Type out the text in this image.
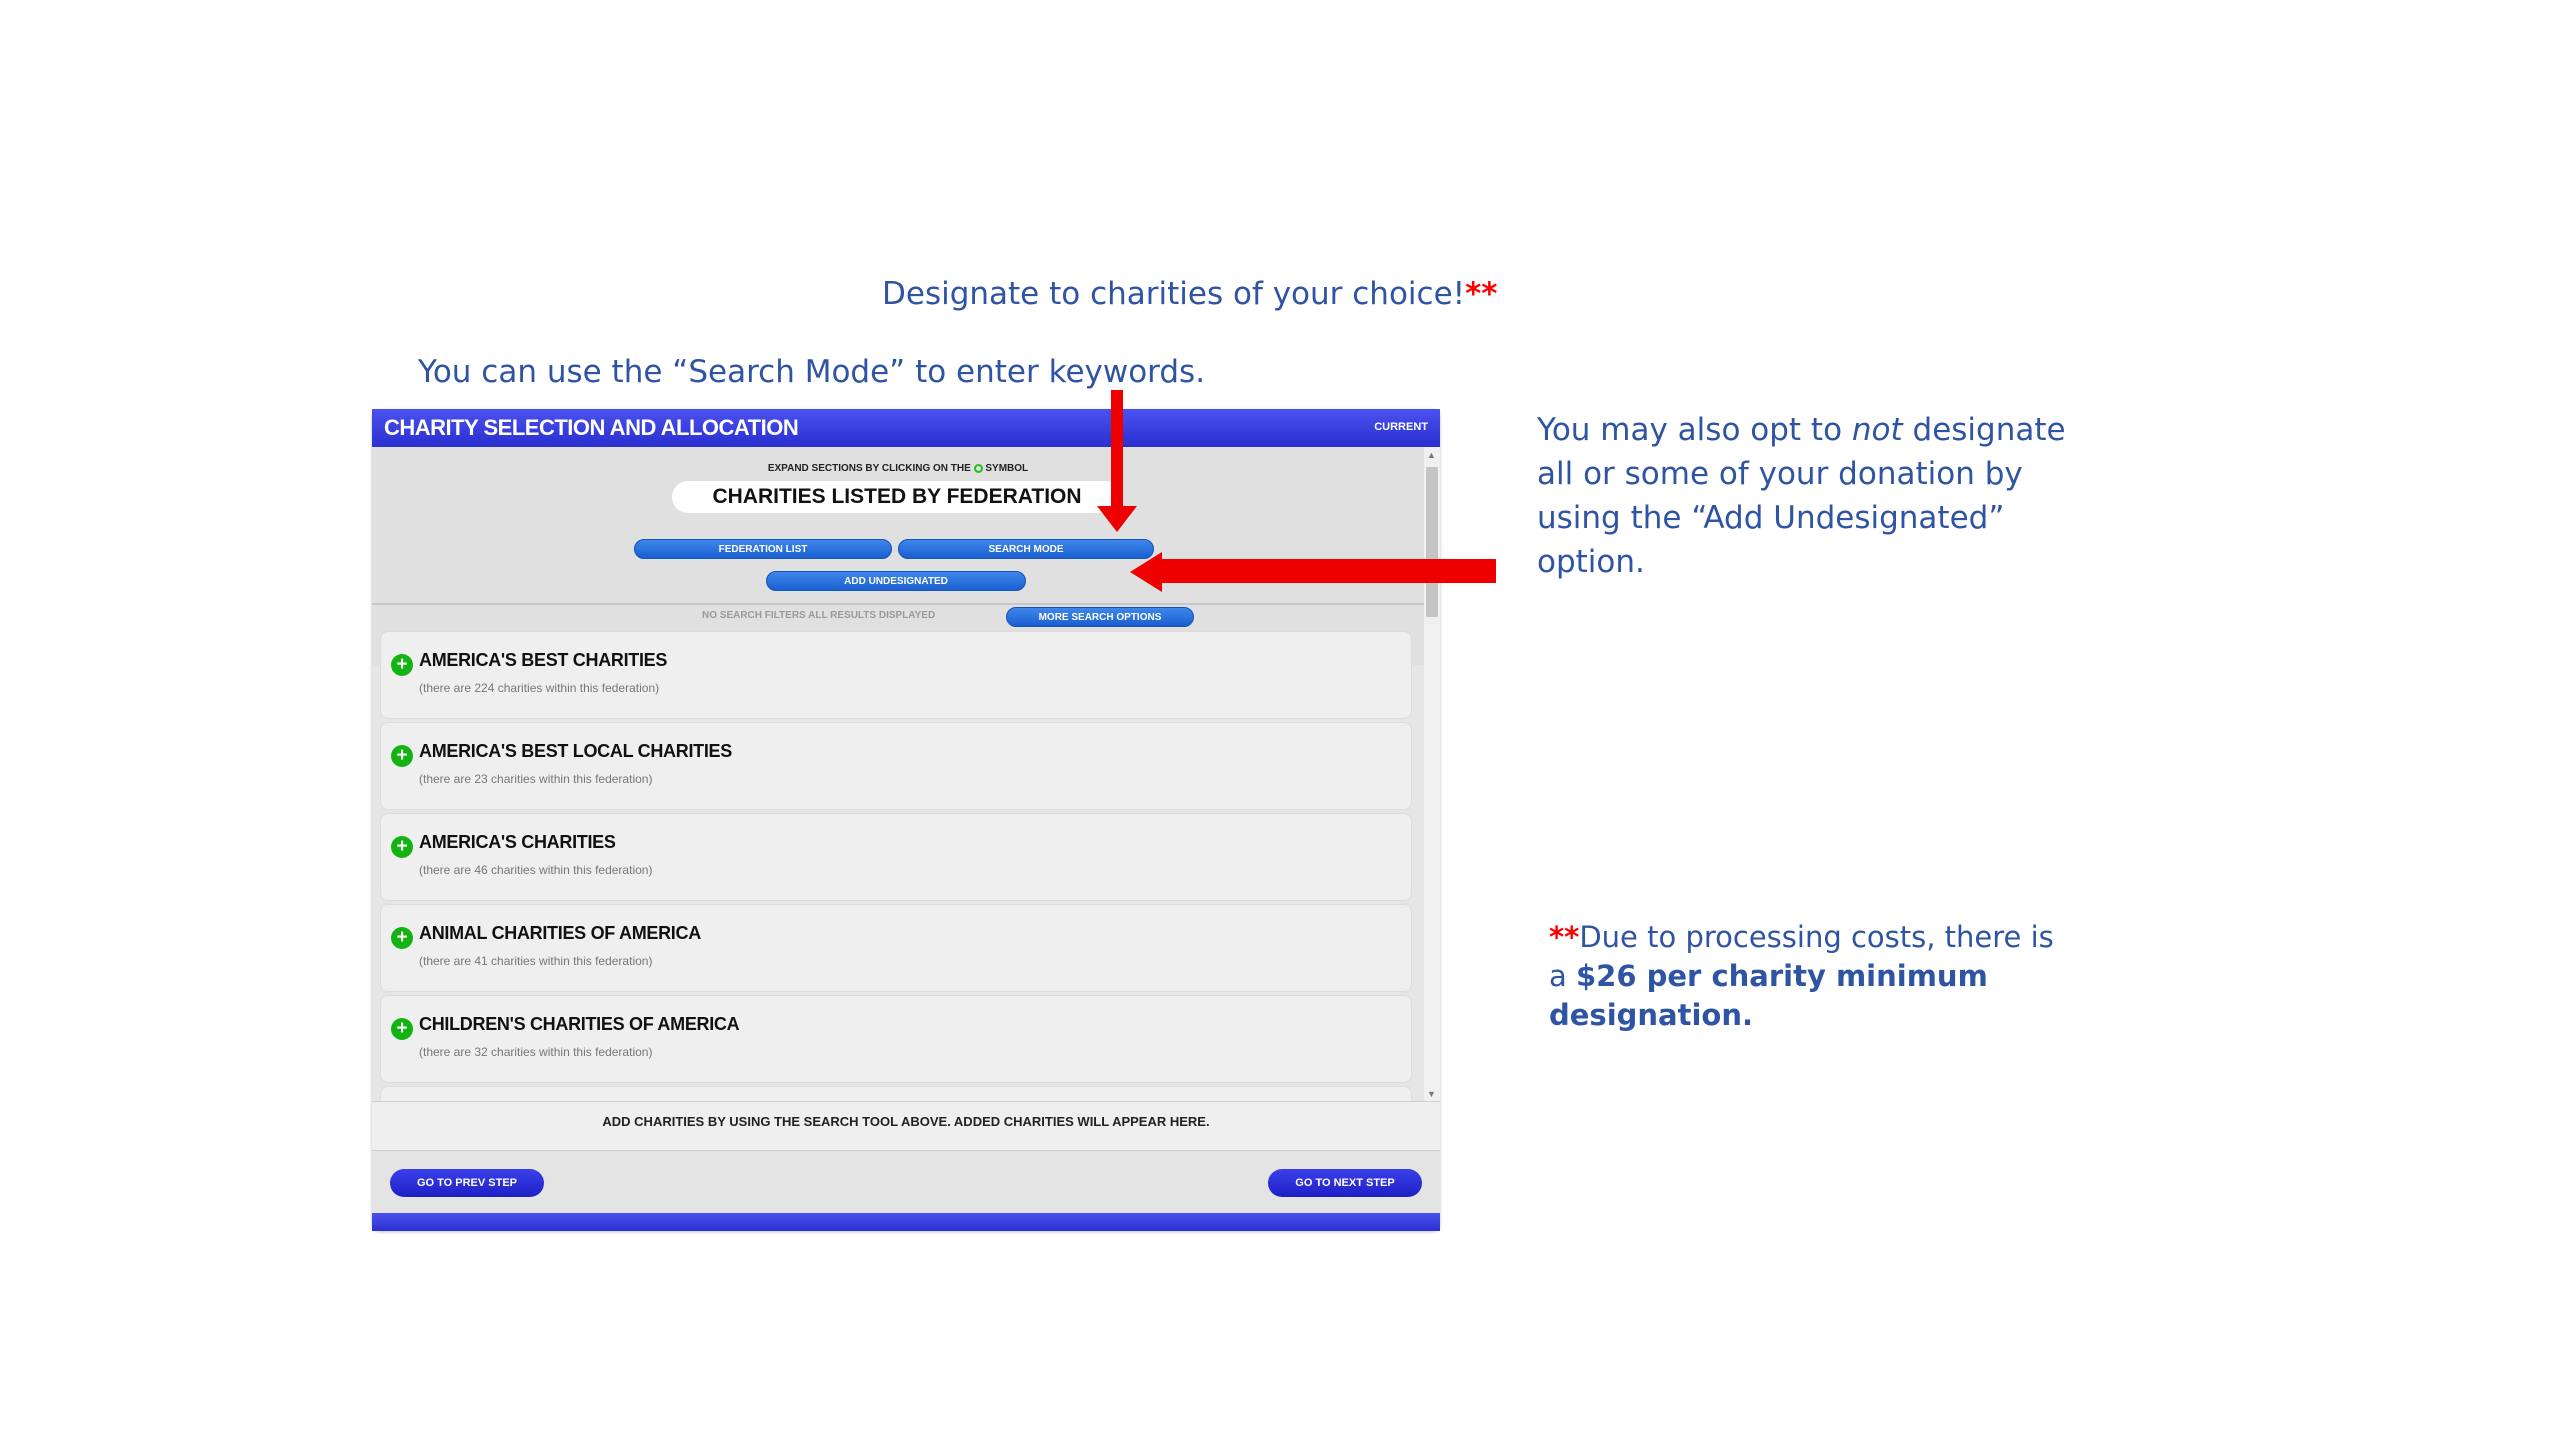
Designate to charities of your choice!**
You can use the “Search Mode” to enter keywords.
You may also opt to not designate all or some of your donation by using the “Add Undesignated” option.
**Due to processing costs, there is a $26 per charity minimum designation.
CHARITY SELECTION AND ALLOCATION	CURRENT
EXPAND SECTIONS BY CLICKING ON THE SYMBOL
CHARITIES LISTED BY FEDERATION
FEDERATION LIST	SEARCH MODE
ADD UNDESIGNATED
NO SEARCH FILTERS ALL RESULTS DISPLAYED	MORE SEARCH OPTIONS
+ AMERICA'S BEST CHARITIES
(there are 224 charities within this federation)
+ AMERICA'S BEST LOCAL CHARITIES
(there are 23 charities within this federation)
+ AMERICA'S CHARITIES
(there are 46 charities within this federation)
+ ANIMAL CHARITIES OF AMERICA
(there are 41 charities within this federation)
+ CHILDREN'S CHARITIES OF AMERICA
(there are 32 charities within this federation)
▲
▼
ADD CHARITIES BY USING THE SEARCH TOOL ABOVE. ADDED CHARITIES WILL APPEAR HERE.
GO TO PREV STEP	GO TO NEXT STEP
